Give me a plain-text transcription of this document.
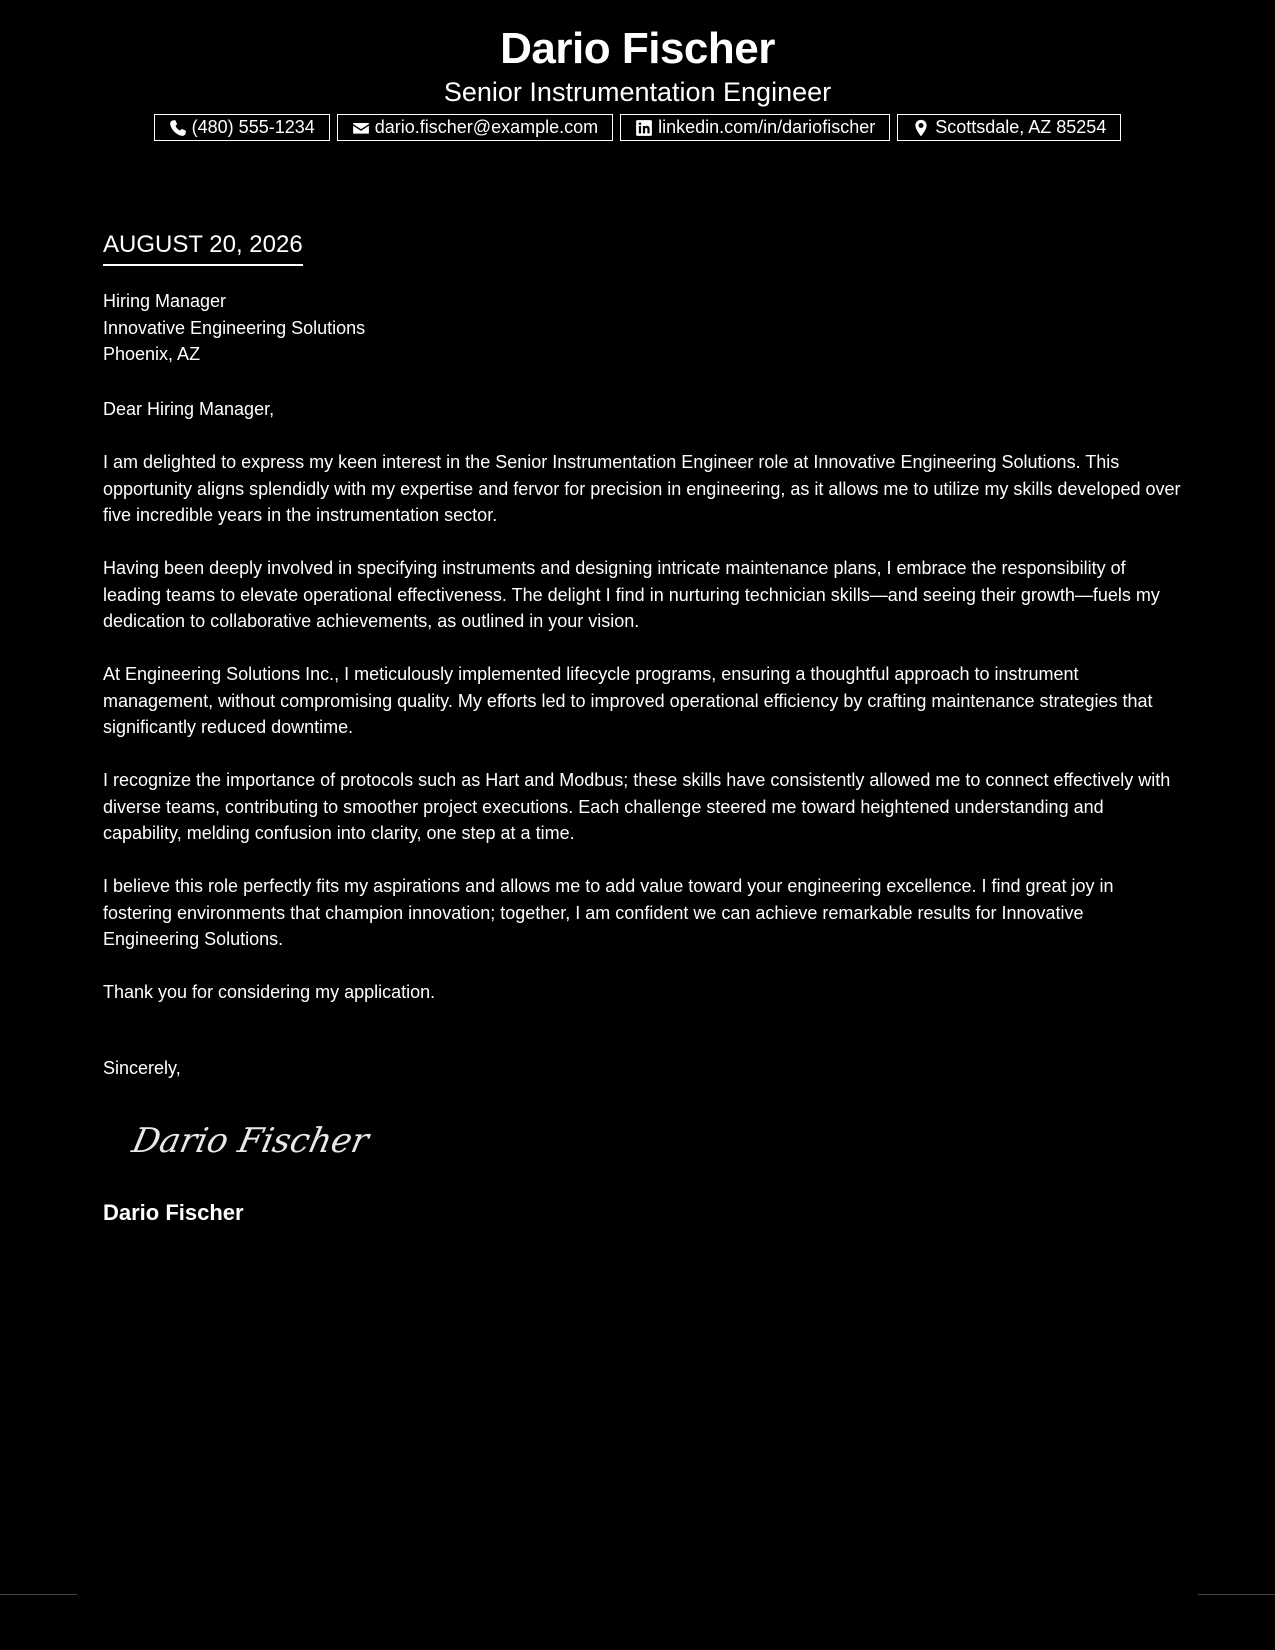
Dario Fischer
Senior Instrumentation Engineer
(480) 555-1234	dario.fischer@example.com	linkedin.com/in/dariofischer	Scottsdale, AZ 85254
AUGUST 20, 2026
Hiring Manager
Innovative Engineering Solutions
Phoenix, AZ
Dear Hiring Manager,

I am delighted to express my keen interest in the Senior Instrumentation Engineer role at Innovative Engineering Solutions. This opportunity aligns splendidly with my expertise and fervor for precision in engineering, as it allows me to utilize my skills developed over five incredible years in the instrumentation sector.

Having been deeply involved in specifying instruments and designing intricate maintenance plans, I embrace the responsibility of leading teams to elevate operational effectiveness. The delight I find in nurturing technician skills—and seeing their growth—fuels my dedication to collaborative achievements, as outlined in your vision.

At Engineering Solutions Inc., I meticulously implemented lifecycle programs, ensuring a thoughtful approach to instrument management, without compromising quality. My efforts led to improved operational efficiency by crafting maintenance strategies that significantly reduced downtime.

I recognize the importance of protocols such as Hart and Modbus; these skills have consistently allowed me to connect effectively with diverse teams, contributing to smoother project executions. Each challenge steered me toward heightened understanding and capability, melding confusion into clarity, one step at a time.

I believe this role perfectly fits my aspirations and allows me to add value toward your engineering excellence. I find great joy in fostering environments that champion innovation; together, I am confident we can achieve remarkable results for Innovative Engineering Solutions.

Thank you for considering my application.

Sincerely,
Dario Fischer
Dario Fischer
